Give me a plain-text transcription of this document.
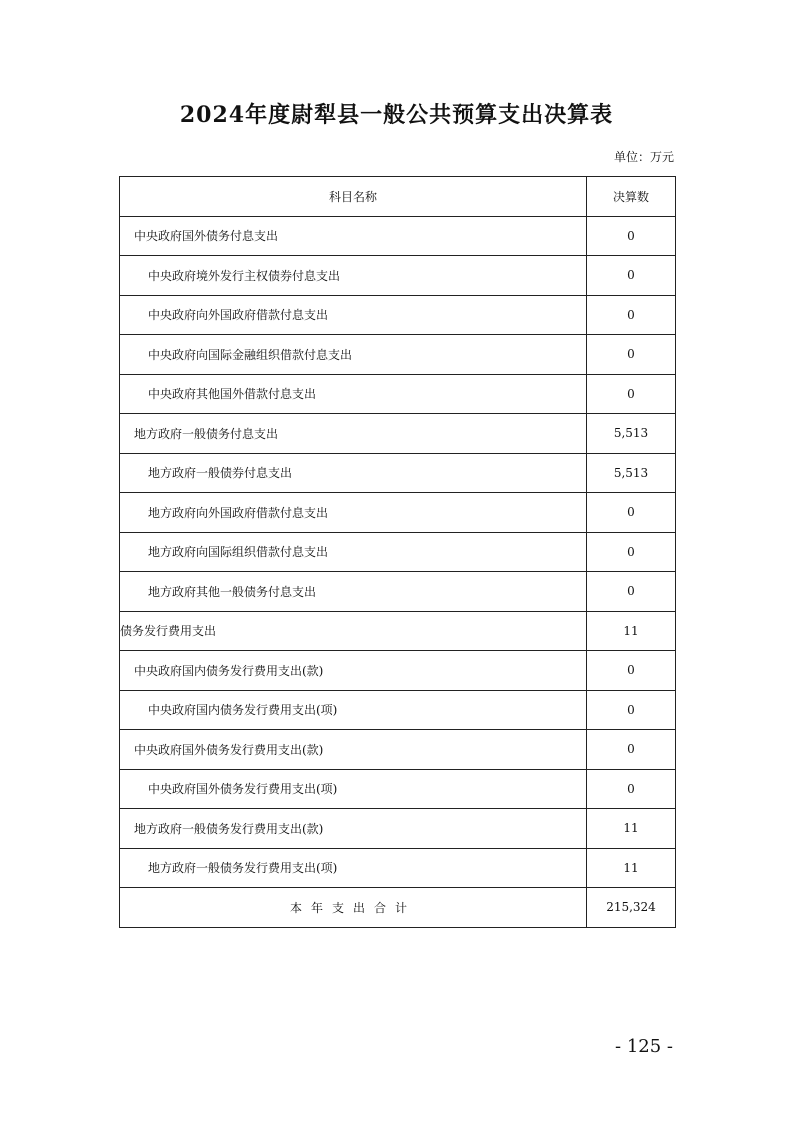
2024年度尉犁县一般公共预算支出决算表
单位：万元
科目名称	决算数
中央政府国外债务付息支出	0
中央政府境外发行主权债券付息支出	0
中央政府向外国政府借款付息支出	0
中央政府向国际金融组织借款付息支出	0
中央政府其他国外借款付息支出	0
地方政府一般债务付息支出	5,513
地方政府一般债券付息支出	5,513
地方政府向外国政府借款付息支出	0
地方政府向国际组织借款付息支出	0
地方政府其他一般债务付息支出	0
债务发行费用支出	11
中央政府国内债务发行费用支出(款)	0
中央政府国内债务发行费用支出(项)	0
中央政府国外债务发行费用支出(款)	0
中央政府国外债务发行费用支出(项)	0
地方政府一般债务发行费用支出(款)	11
地方政府一般债务发行费用支出(项)	11
本年支出合计	215,324
- 125 -
